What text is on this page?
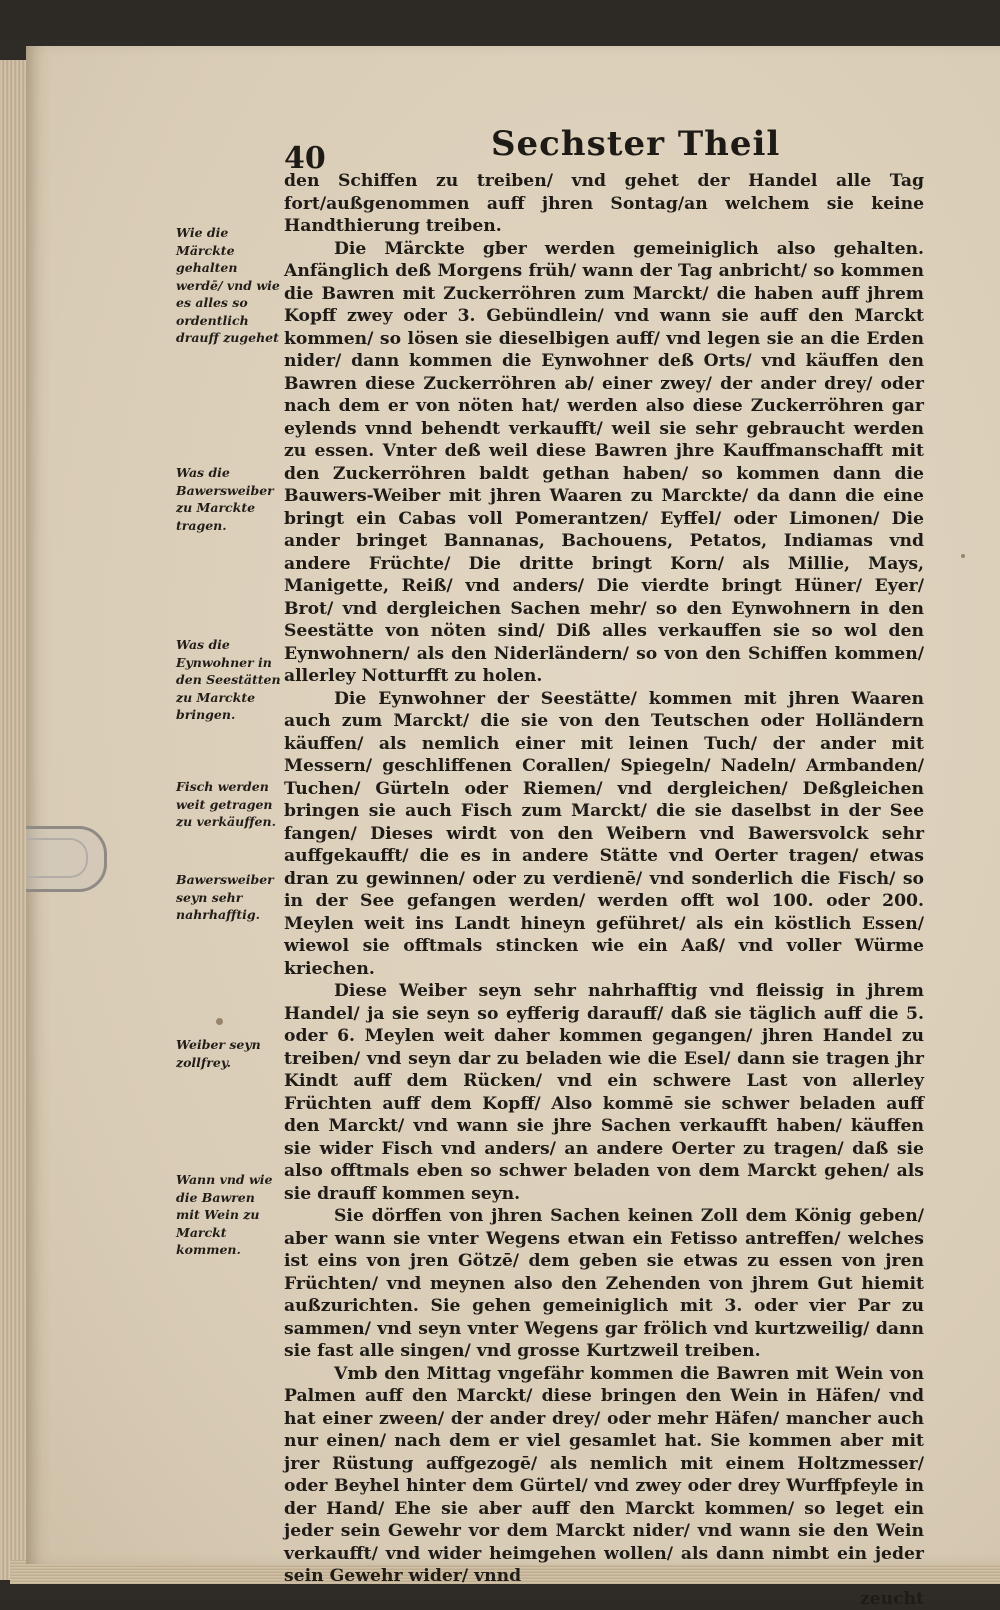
40	Sechster Theil

den Schiffen zu treiben/ vnd gehet der Handel alle Tag fort/außgenommen auff jhren Sontag/an welchem sie keine Handthierung treiben.

Die Märckte gber werden gemeiniglich also gehalten. Anfänglich deß Morgens früh/ wann der Tag anbricht/ so kommen die Bawren mit Zuckerröhren zum Marckt/ die haben auff jhrem Kopff zwey oder 3. Gebündlein/ vnd wann sie auff den Marckt kommen/ so lösen sie dieselbigen auff/ vnd legen sie an die Erden nider/ dann kommen die Eynwohner deß Orts/ vnd käuffen den Bawren diese Zuckerröhren ab/ einer zwey/ der ander drey/ oder nach dem er von nöten hat/ werden also diese Zuckerröhren gar eylends vnnd behendt verkaufft/ weil sie sehr gebraucht werden zu essen. Vnter deß weil diese Bawren jhre Kauffmanschafft mit den Zuckerröhren baldt gethan haben/ so kommen dann die Bauwers-Weiber mit jhren Waaren zu Marckte/ da dann die eine bringt ein Cabas voll Pomerantzen/ Eyffel/ oder Limonen/ Die ander bringet Bannanas, Bachouens, Petatos, Indiamas vnd andere Früchte/ Die dritte bringt Korn/ als Millie, Mays, Manigette, Reiß/ vnd anders/ Die vierdte bringt Hüner/ Eyer/ Brot/ vnd dergleichen Sachen mehr/ so den Eynwohnern in den Seestätte von nöten sind/ Diß alles verkauffen sie so wol den Eynwohnern/ als den Niderländern/ so von den Schiffen kommen/ allerley Notturfft zu holen.

Die Eynwohner der Seestätte/ kommen mit jhren Waaren auch zum Marckt/ die sie von den Teutschen oder Holländern käuffen/ als nemlich einer mit leinen Tuch/ der ander mit Messern/ geschliffenen Corallen/ Spiegeln/ Nadeln/ Armbanden/ Tuchen/ Gürteln oder Riemen/ vnd dergleichen/ Deßgleichen bringen sie auch Fisch zum Marckt/ die sie daselbst in der See fangen/ Dieses wirdt von den Weibern vnd Bawersvolck sehr auffgekaufft/ die es in andere Stätte vnd Oerter tragen/ etwas dran zu gewinnen/ oder zu verdienē/ vnd sonderlich die Fisch/ so in der See gefangen werden/ werden offt wol 100. oder 200. Meylen weit ins Landt hineyn geführet/ als ein köstlich Essen/ wiewol sie offtmals stincken wie ein Aaß/ vnd voller Würme kriechen.

Diese Weiber seyn sehr nahrhafftig vnd fleissig in jhrem Handel/ ja sie seyn so eyfferig darauff/ daß sie täglich auff die 5. oder 6. Meylen weit daher kommen gegangen/ jhren Handel zu treiben/ vnd seyn dar zu beladen wie die Esel/ dann sie tragen jhr Kindt auff dem Rücken/ vnd ein schwere Last von allerley Früchten auff dem Kopff/ Also kommē sie schwer beladen auff den Marckt/ vnd wann sie jhre Sachen verkaufft haben/ käuffen sie wider Fisch vnd anders/ an andere Oerter zu tragen/ daß sie also offtmals eben so schwer beladen von dem Marckt gehen/ als sie drauff kommen seyn.

Sie dörffen von jhren Sachen keinen Zoll dem König geben/ aber wann sie vnter Wegens etwan ein Fetisso antreffen/ welches ist eins von jren Götzē/ dem geben sie etwas zu essen von jren Früchten/ vnd meynen also den Zehenden von jhrem Gut hiemit außzurichten. Sie gehen gemeiniglich mit 3. oder vier Par zu sammen/ vnd seyn vnter Wegens gar frölich vnd kurtzweilig/ dann sie fast alle singen/ vnd grosse Kurtzweil treiben.

Vmb den Mittag vngefähr kommen die Bawren mit Wein von Palmen auff den Marckt/ diese bringen den Wein in Häfen/ vnd hat einer zween/ der ander drey/ oder mehr Häfen/ mancher auch nur einen/ nach dem er viel gesamlet hat. Sie kommen aber mit jrer Rüstung auffgezogē/ als nemlich mit einem Holtzmesser/ oder Beyhel hinter dem Gürtel/ vnd zwey oder drey Wurffpfeyle in der Hand/ Ehe sie aber auff den Marckt kommen/ so leget ein jeder sein Gewehr vor dem Marckt nider/ vnd wann sie den Wein verkaufft/ vnd wider heimgehen wollen/ als dann nimbt ein jeder sein Gewehr wider/ vnnd

zeucht

Wie die Märckte gehalten werdē/ vnd wie es alles so ordentlich drauff zugehet
Was die Bawersweiber zu Marckte tragen.
Was die Eynwohner in den Seestätten zu Marckte bringen.
Fisch werden weit getragen zu verkäuffen.
Bawersweiber seyn sehr nahrhafftig.
Weiber seyn zollfrey.
Wann vnd wie die Bawren mit Wein zu Marckt kommen.
